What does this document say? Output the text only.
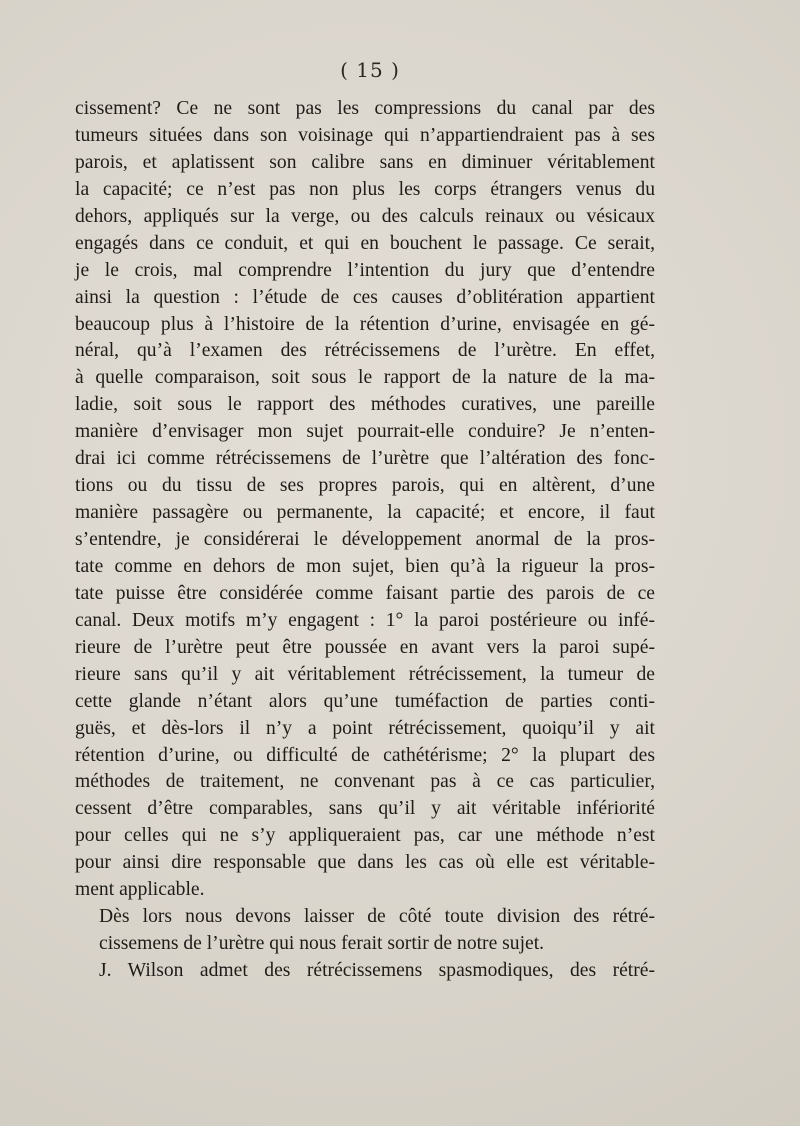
( 15 )
cissement? Ce ne sont pas les compressions du canal par des
tumeurs situées dans son voisinage qui n’appartiendraient pas à ses
parois, et aplatissent son calibre sans en diminuer véritablement
la capacité; ce n’est pas non plus les corps étrangers venus du
dehors, appliqués sur la verge, ou des calculs reinaux ou vésicaux
engagés dans ce conduit, et qui en bouchent le passage. Ce serait,
je le crois, mal comprendre l’intention du jury que d’entendre
ainsi la question : l’étude de ces causes d’oblitération appartient
beaucoup plus à l’histoire de la rétention d’urine, envisagée en gé-
néral, qu’à l’examen des rétrécissemens de l’urètre. En effet,
à quelle comparaison, soit sous le rapport de la nature de la ma-
ladie, soit sous le rapport des méthodes curatives, une pareille
manière d’envisager mon sujet pourrait-elle conduire? Je n’enten-
drai ici comme rétrécissemens de l’urètre que l’altération des fonc-
tions ou du tissu de ses propres parois, qui en altèrent, d’une
manière passagère ou permanente, la capacité; et encore, il faut
s’entendre, je considérerai le développement anormal de la pros-
tate comme en dehors de mon sujet, bien qu’à la rigueur la pros-
tate puisse être considérée comme faisant partie des parois de ce
canal. Deux motifs m’y engagent : 1° la paroi postérieure ou infé-
rieure de l’urètre peut être poussée en avant vers la paroi supé-
rieure sans qu’il y ait véritablement rétrécissement, la tumeur de
cette glande n’étant alors qu’une tuméfaction de parties conti-
guës, et dès-lors il n’y a point rétrécissement, quoiqu’il y ait
rétention d’urine, ou difficulté de cathétérisme; 2° la plupart des
méthodes de traitement, ne convenant pas à ce cas particulier,
cessent d’être comparables, sans qu’il y ait véritable infériorité
pour celles qui ne s’y appliqueraient pas, car une méthode n’est
pour ainsi dire responsable que dans les cas où elle est véritable-
ment applicable.
Dès lors nous devons laisser de côté toute division des rétré-
cissemens de l’urètre qui nous ferait sortir de notre sujet.
J. Wilson admet des rétrécissemens spasmodiques, des rétré-
